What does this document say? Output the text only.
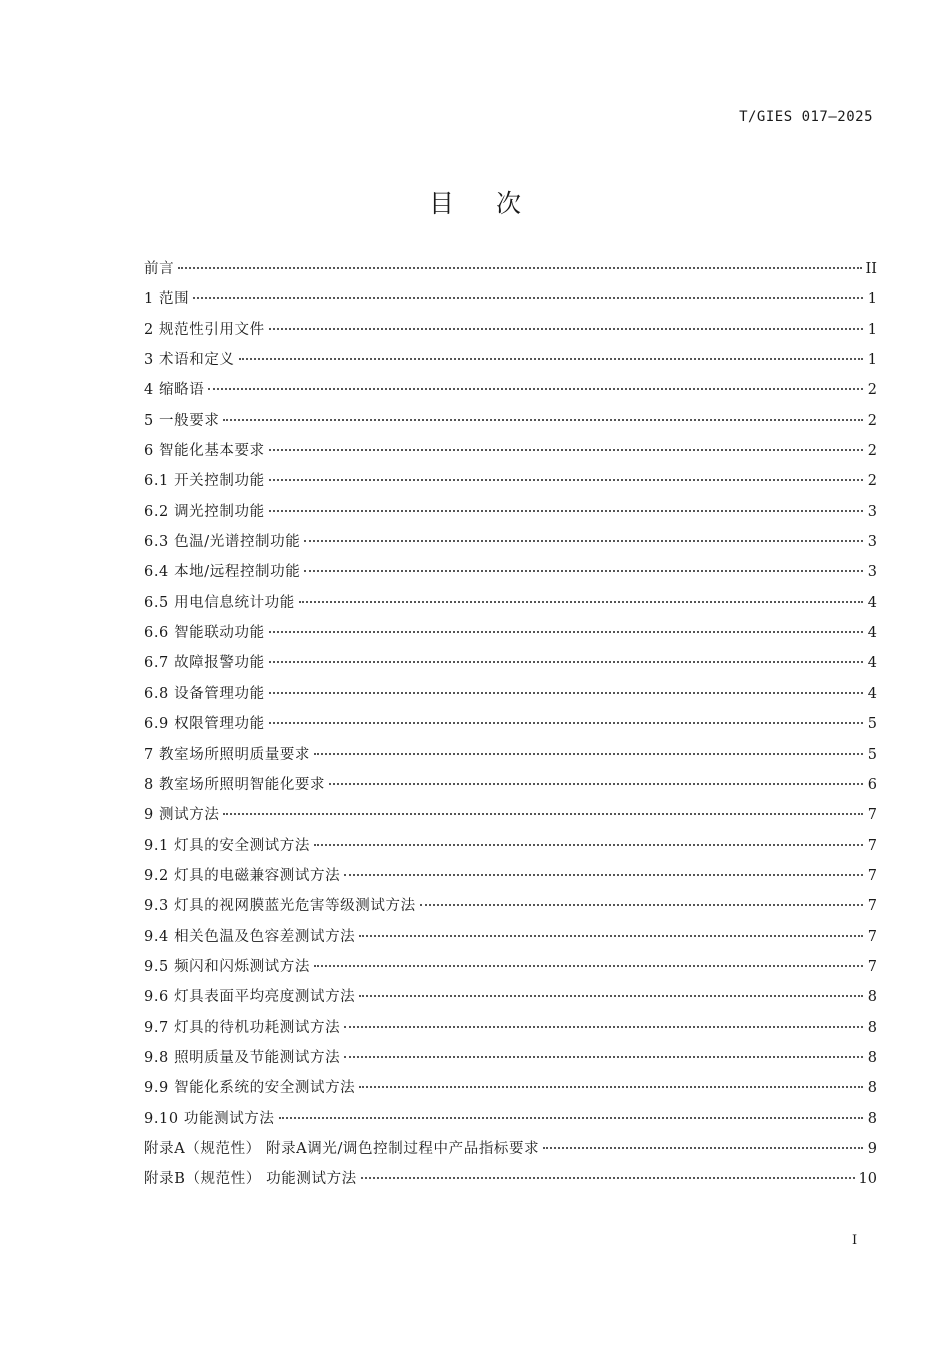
T/GIES 017—2025
目次
前言	II
1 范围	1
2 规范性引用文件	1
3 术语和定义	1
4 缩略语	2
5 一般要求	2
6 智能化基本要求	2
6.1 开关控制功能	2
6.2 调光控制功能	3
6.3 色温/光谱控制功能	3
6.4 本地/远程控制功能	3
6.5 用电信息统计功能	4
6.6 智能联动功能	4
6.7 故障报警功能	4
6.8 设备管理功能	4
6.9 权限管理功能	5
7 教室场所照明质量要求	5
8 教室场所照明智能化要求	6
9 测试方法	7
9.1 灯具的安全测试方法	7
9.2 灯具的电磁兼容测试方法	7
9.3 灯具的视网膜蓝光危害等级测试方法	7
9.4 相关色温及色容差测试方法	7
9.5 频闪和闪烁测试方法	7
9.6 灯具表面平均亮度测试方法	8
9.7 灯具的待机功耗测试方法	8
9.8 照明质量及节能测试方法	8
9.9 智能化系统的安全测试方法	8
9.10 功能测试方法	8
附录A（规范性） 附录A调光/调色控制过程中产品指标要求	9
附录B（规范性） 功能测试方法	10
I
